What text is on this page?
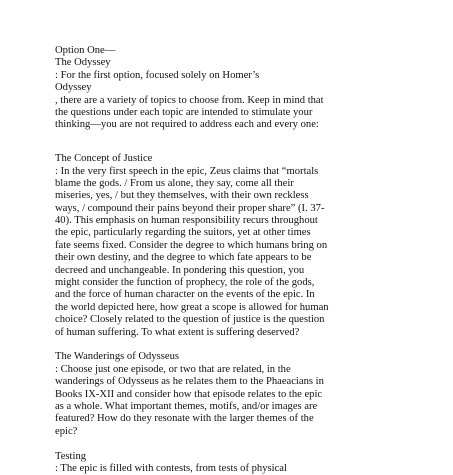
Option One—
The Odyssey
: For the first option, focused solely on Homer’s
Odyssey
, there are a variety of topics to choose from. Keep in mind that
the questions under each topic are intended to stimulate your
thinking—you are not required to address each and every one:
The Concept of Justice
: In the very first speech in the epic, Zeus claims that “mortals
blame the gods. / From us alone, they say, come all their
miseries, yes, / but they themselves, with their own reckless
ways, / compound their pains beyond their proper share” (I. 37-
40). This emphasis on human responsibility recurs throughout
the epic, particularly regarding the suitors, yet at other times
fate seems fixed. Consider the degree to which humans bring on
their own destiny, and the degree to which fate appears to be
decreed and unchangeable. In pondering this question, you
might consider the function of prophecy, the role of the gods,
and the force of human character on the events of the epic. In
the world depicted here, how great a scope is allowed for human
choice? Closely related to the question of justice is the question
of human suffering. To what extent is suffering deserved?
The Wanderings of Odysseus
: Choose just one episode, or two that are related, in the
wanderings of Odysseus as he relates them to the Phaeacians in
Books IX-XII and consider how that episode relates to the epic
as a whole. What important themes, motifs, and/or images are
featured? How do they resonate with the larger themes of the
epic?
Testing
: The epic is filled with contests, from tests of physical
